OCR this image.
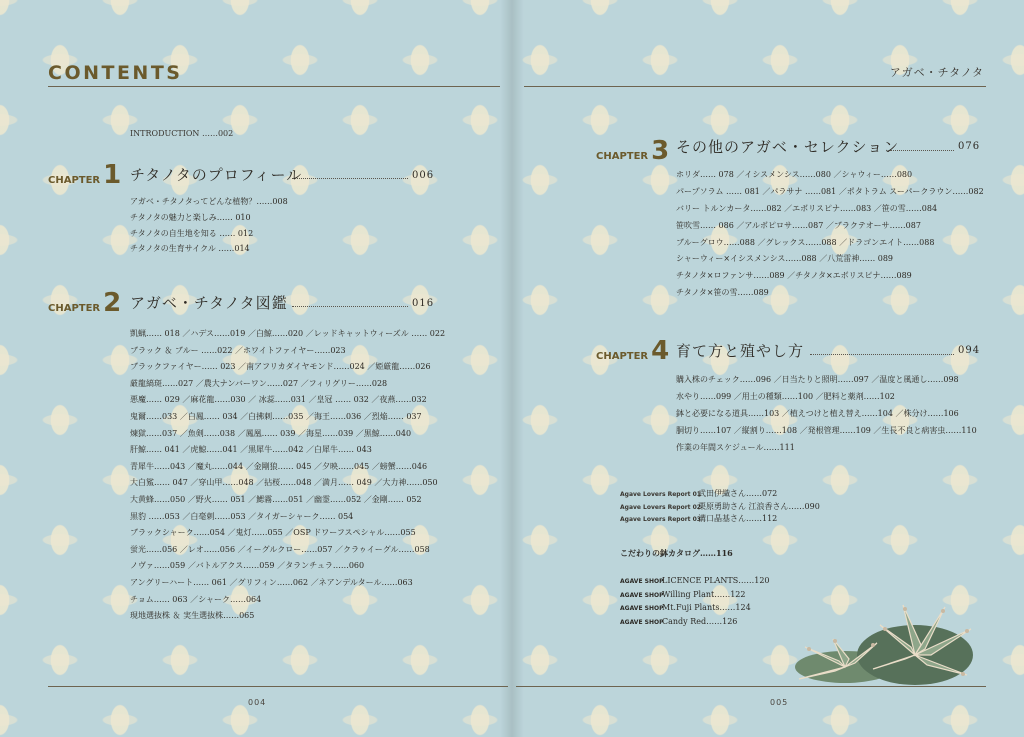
CONTENTS	アガベ・チタノタ
004	005
INTRODUCTION ……002
CHAPTER 1 チタノタのプロフィール	006
アガベ・チタノタってどんな植物？……008
チタノタの魅力と楽しみ…… 010
チタノタの自生地を知る …… 012
チタノタの生育サイクル ……014
CHAPTER 2 アガベ・チタノタ図鑑	016
凱蝋…… 018 ／ハデス……019 ／白鯨……020 ／レッドキャットウィーズル …… 022
ブラック ＆ ブルー ……022 ／ホワイトファイヤー……023
ブラックファイヤー…… 023 ／南アフリカダイヤモンド……024 ／姫厳龍……026
厳龍縞斑……027 ／農大ナンバーワン……027 ／フィリグリー……028
悪魔…… 029 ／麻花龍……030 ／ 冰蕊……031 ／皇冠 …… 032 ／夜燕……032
鬼爾……033 ／白鳳…… 034 ／白拂刺……035 ／海王……036 ／烈焔…… 037
煉獄……037 ／魚剣……038 ／鳳凰…… 039 ／海星……039 ／黒鯨……040
肝鯨…… 041 ／虎鯨……041 ／黒犀牛……042 ／白犀牛…… 043
青犀牛……043 ／魔丸……044 ／金剛狼…… 045 ／夕映……045 ／螃蟹……046
大白鯊…… 047 ／穿山甲……048 ／拈桜……048 ／満月…… 049 ／大力神……050
大黄蜂……050 ／野火…… 051 ／鰓霧……051 ／幽霊……052 ／金剛…… 052
黒豹 ……053 ／白毫刺……053 ／タイガーシャーク…… 054
ブラックシャーク……054 ／鬼灯……055 ／OSP ドワーフスペシャル……055
蛍光……056 ／レオ……056 ／イーグルクロー……057 ／クラゥイーグル……058
ノヴァ……059 ／バトルアクス……059 ／タランチュラ……060
アングリーハート…… 061 ／グリフィン……062 ／ネアンデルタール……063
チョム…… 063 ／シャーク……064
現地選抜株 ＆ 実生選抜株……065
CHAPTER 3 その他のアガベ・セレクション	076
ホリダ…… 078 ／イシスメンシス……080 ／シャウィー……080
パープソラム …… 081 ／パラサナ ……081 ／ポタトラム スーパークラウン……082
バリー トルンカータ……082 ／エボリスピナ……083 ／笹の雪……084
笹吹雪…… 086 ／アルボピロサ……087 ／ブラクテオーサ……087
ブルーグロウ……088 ／グレックス……088 ／ドラゴンエイト……088
シャーウィー×イシスメンシス……088 ／八荒雷神…… 089
チタノタ×ロファンサ……089 ／チタノタ×エボリスピナ……089
チタノタ×笹の雪……089
CHAPTER 4 育て方と殖やし方	094
購入株のチェック……096 ／日当たりと照明……097 ／温度と風通し……098
水やり……099 ／用土の種類……100 ／肥料と薬剤……102
鉢と必要になる道具……103 ／植えつけと植え替え……104 ／株分け……106
胴切り……107 ／縦割り……108 ／発根管理……109 ／生長不良と病害虫……110
作業の年間スケジュール……111
Agave Lovers Report 01武田伊織さん……072
Agave Lovers Report 02栗原勇助さん 江浪香さん……090
Agave Lovers Report 03溝口晶基さん……112
こだわりの鉢カタログ……116
AGAVE SHOPLICENCE PLANTS……120
AGAVE SHOPWilling Plant……122
AGAVE SHOPMt.Fuji Plants……124
AGAVE SHOPCandy Red……126
